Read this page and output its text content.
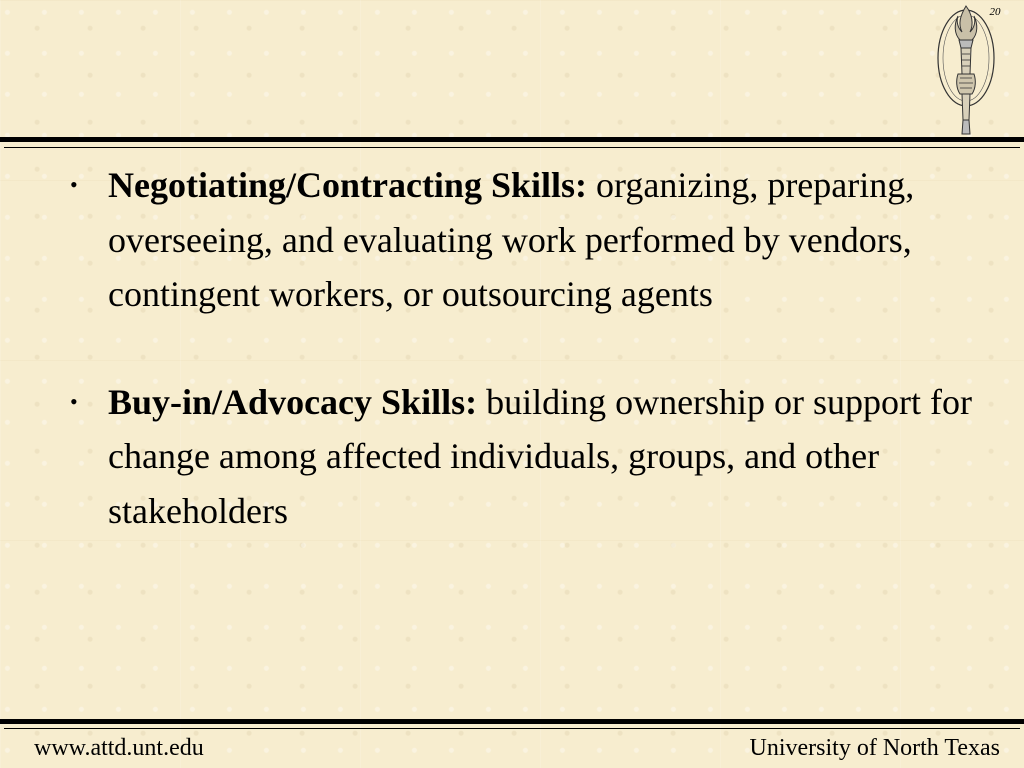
20
• Negotiating/Contracting Skills: organizing, preparing, overseeing, and evaluating work performed by vendors, contingent workers, or outsourcing agents
• Buy-in/Advocacy Skills: building ownership or support for change among affected individuals, groups, and other stakeholders
www.attd.unt.edu	University of North Texas
